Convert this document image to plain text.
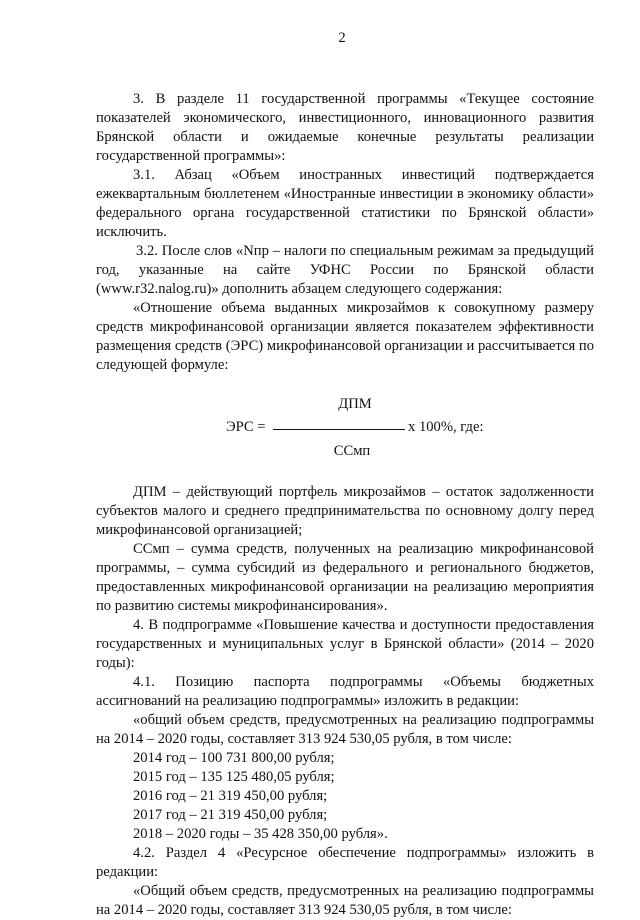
2

3. В разделе 11 государственной программы «Текущее состояние показателей экономического, инвестиционного, инновационного развития Брянской области и ожидаемые конечные результаты реализации государственной программы»:

3.1. Абзац «Объем иностранных инвестиций подтверждается ежеквартальным бюллетенем «Иностранные инвестиции в экономику области» федерального органа государственной статистики по Брянской области» исключить.

3.2. После слов «Nпр – налоги по специальным режимам за предыдущий год, указанные на сайте УФНС России по Брянской области (www.r32.nalog.ru)» дополнить абзацем следующего содержания:

«Отношение объема выданных микрозаймов к совокупному размеру средств микрофинансовой организации является показателем эффективности размещения средств (ЭРС) микрофинансовой организации и рассчитывается по следующей формуле:

ДПМ
ЭРС =	х 100%, где:
ССмп

ДПМ – действующий портфель микрозаймов – остаток задолженности субъектов малого и среднего предпринимательства по основному долгу перед микрофинансовой организацией;

ССмп – сумма средств, полученных на реализацию микрофинансовой программы, – сумма субсидий из федерального и регионального бюджетов, предоставленных микрофинансовой организации на реализацию мероприятия по развитию системы микрофинансирования».

4. В подпрограмме «Повышение качества и доступности предоставления государственных и муниципальных услуг в Брянской области» (2014 – 2020 годы):

4.1. Позицию паспорта подпрограммы «Объемы бюджетных ассигнований на реализацию подпрограммы» изложить в редакции:

«общий объем средств, предусмотренных на реализацию подпрограммы на 2014 – 2020 годы, составляет 313 924 530,05 рубля, в том числе:

2014 год – 100 731 800,00 рубля;

2015 год – 135 125 480,05 рубля;

2016 год – 21 319 450,00 рубля;

2017 год – 21 319 450,00 рубля;

2018 – 2020 годы – 35 428 350,00 рубля».

4.2. Раздел 4 «Ресурсное обеспечение подпрограммы» изложить в редакции:

«Общий объем средств, предусмотренных на реализацию подпрограммы на 2014 – 2020 годы, составляет 313 924 530,05 рубля, в том числе:
